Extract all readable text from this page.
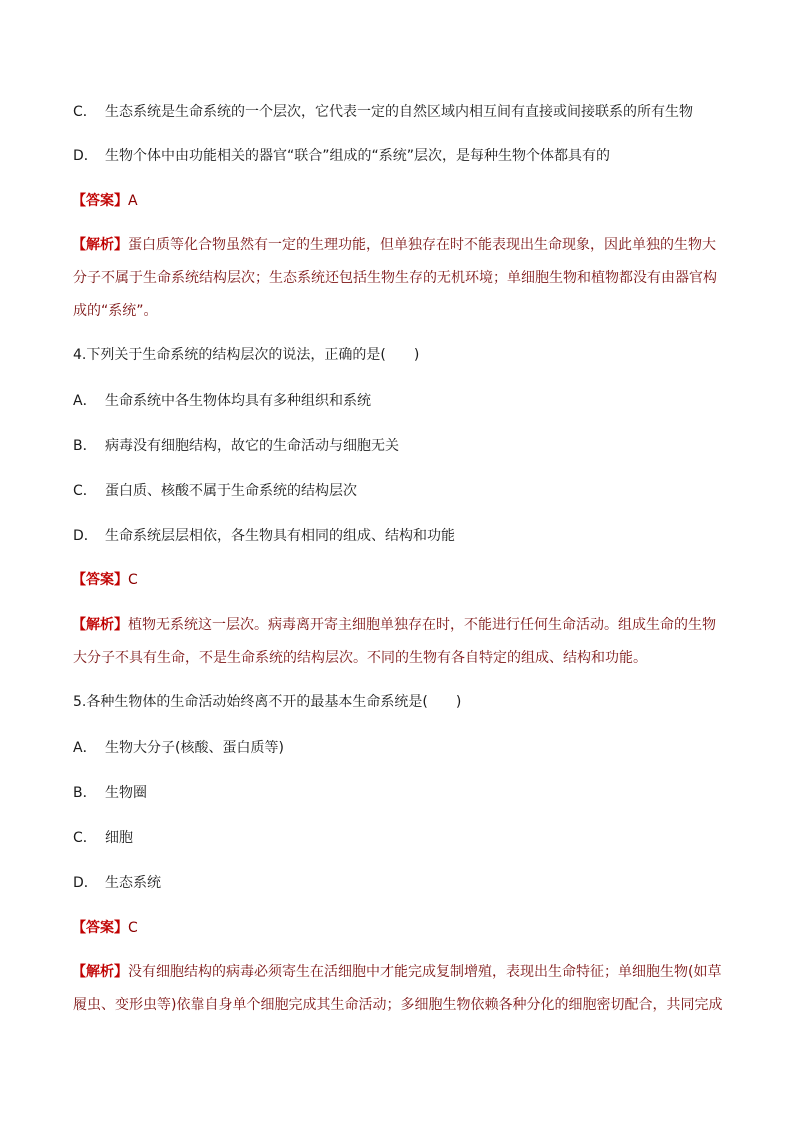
C． 生态系统是生命系统的一个层次，它代表一定的自然区域内相互间有直接或间接联系的所有生物
D． 生物个体中由功能相关的器官“联合”组成的“系统”层次，是每种生物个体都具有的
【答案】A
【解析】蛋白质等化合物虽然有一定的生理功能，但单独存在时不能表现出生命现象，因此单独的生物大
分子不属于生命系统结构层次；生态系统还包括生物生存的无机环境；单细胞生物和植物都没有由器官构
成的“系统”。
4.下列关于生命系统的结构层次的说法，正确的是(　　)
A． 生命系统中各生物体均具有多种组织和系统
B． 病毒没有细胞结构，故它的生命活动与细胞无关
C． 蛋白质、核酸不属于生命系统的结构层次
D． 生命系统层层相依，各生物具有相同的组成、结构和功能
【答案】C
【解析】植物无系统这一层次。病毒离开寄主细胞单独存在时，不能进行任何生命活动。组成生命的生物
大分子不具有生命，不是生命系统的结构层次。不同的生物有各自特定的组成、结构和功能。
5.各种生物体的生命活动始终离不开的最基本生命系统是(　　)
A． 生物大分子(核酸、蛋白质等)
B． 生物圈
C． 细胞
D． 生态系统
【答案】C
【解析】没有细胞结构的病毒必须寄生在活细胞中才能完成复制增殖，表现出生命特征；单细胞生物(如草
履虫、变形虫等)依靠自身单个细胞完成其生命活动；多细胞生物依赖各种分化的细胞密切配合，共同完成
